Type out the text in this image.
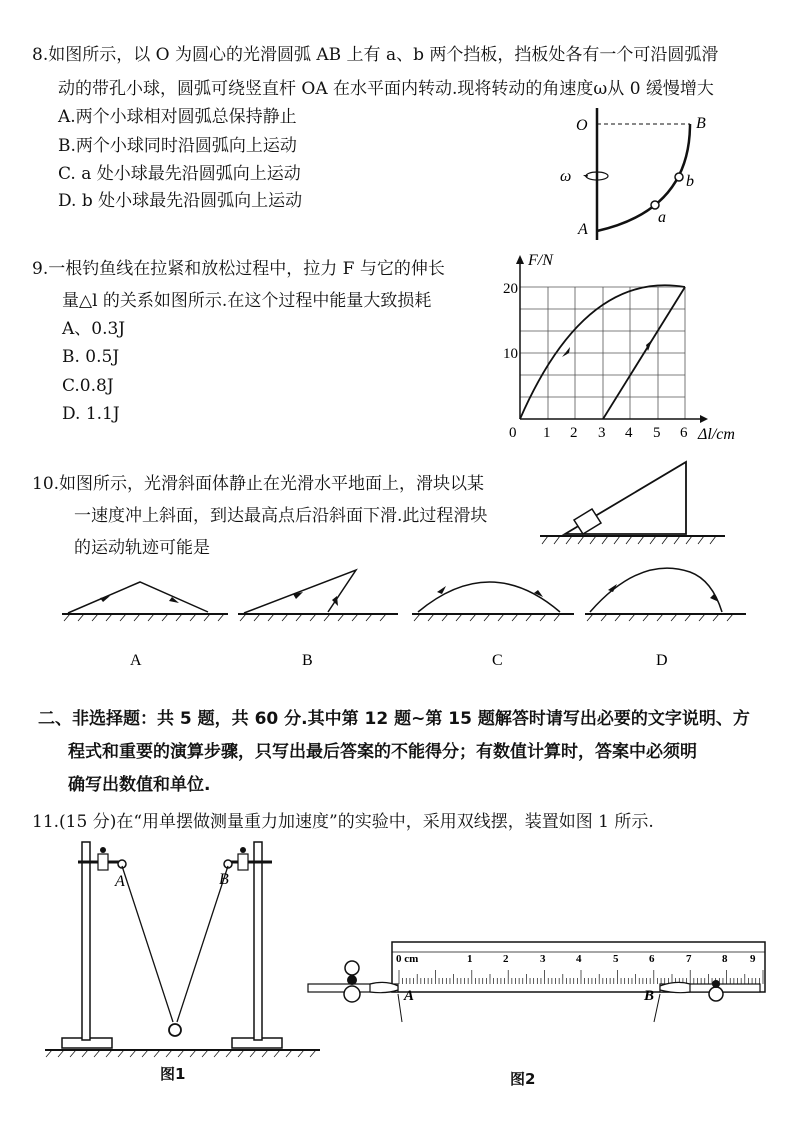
8.如图所示，以 O 为圆心的光滑圆弧 AB 上有 a、b 两个挡板，挡板处各有一个可沿圆弧滑
动的带孔小球，圆弧可绕竖直杆 OA 在水平面内转动.现将转动的角速度ω从 0 缓慢增大
A.两个小球相对圆弧总保持静止
B.两个小球同时沿圆弧向上运动
C. a 处小球最先沿圆弧向上运动
D. b 处小球最先沿圆弧向上运动
O	B
A
a
b
ω
9.一根钓鱼线在拉紧和放松过程中，拉力 F 与它的伸长
量△l 的关系如图所示.在这个过程中能量大致损耗
A、0.3J
B. 0.5J
C.0.8J
D. 1.1J
F/N
20
10
0 1 2 3 4 5 6 Δl/cm
10.如图所示，光滑斜面体静止在光滑水平地面上，滑块以某
一速度冲上斜面，到达最高点后沿斜面下滑.此过程滑块
的运动轨迹可能是
A	B	C	D
二、非选择题：共 5 题，共 60 分.其中第 12 题~第 15 题解答时请写出必要的文字说明、方
程式和重要的演算步骤，只写出最后答案的不能得分；有数值计算时，答案中必须明
确写出数值和单位.
11.(15 分)在“用单摆做测量重力加速度”的实验中，采用双线摆，装置如图 1 所示.
A	B
图1
0 cm	1	2	3	4	5	6	7	8 9
A	B
图2
